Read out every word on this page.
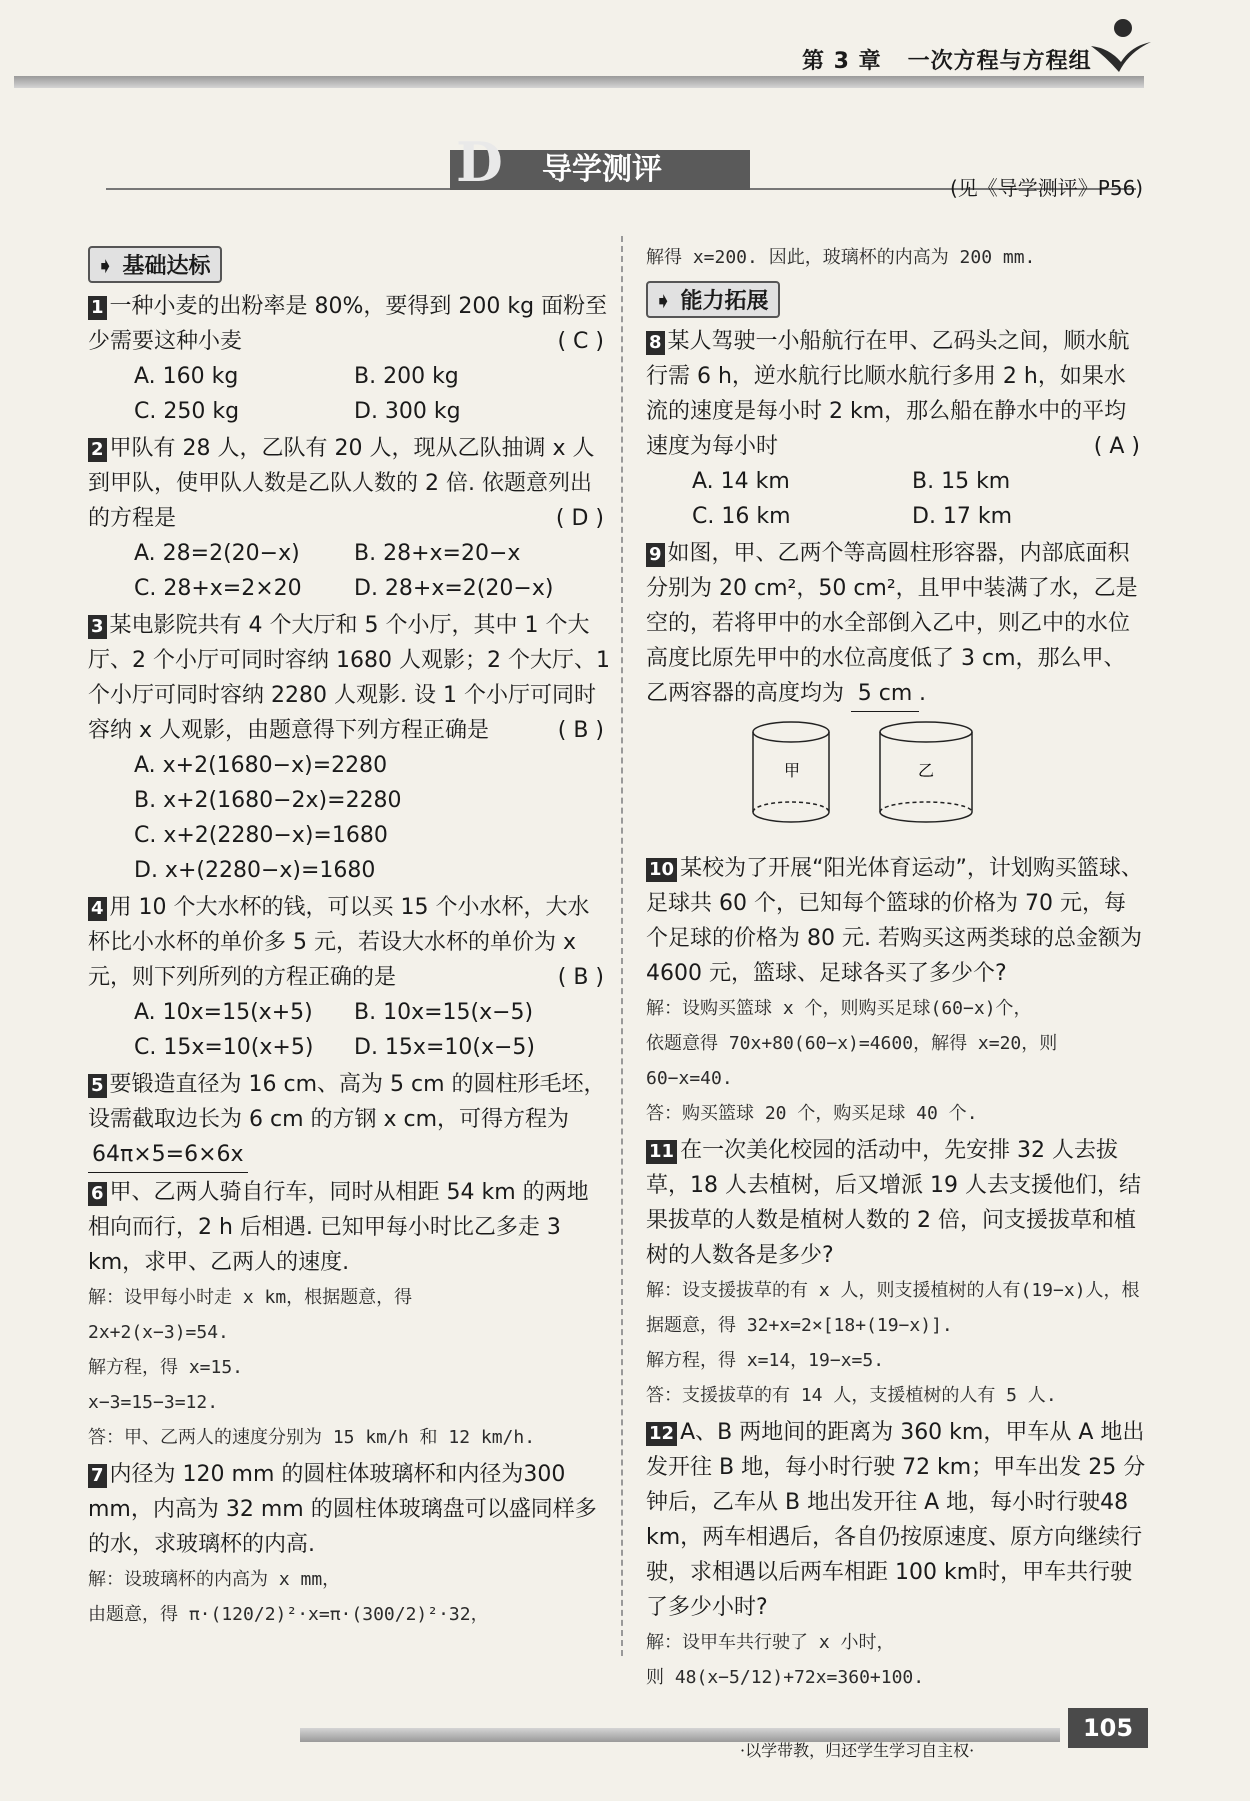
第 3 章 一次方程与方程组
D 导学测评
(见《导学测评》P56)
➧ 基础达标
1 一种小麦的出粉率是 80%，要得到 200 kg 面粉至少需要这种小麦	( C )
A. 160 kg	B. 200 kg
C. 250 kg	D. 300 kg
2 甲队有 28 人，乙队有 20 人，现从乙队抽调 x 人到甲队，使甲队人数是乙队人数的 2 倍. 依题意列出的方程是	( D )
A. 28=2(20−x)	B. 28+x=20−x
C. 28+x=2×20	D. 28+x=2(20−x)
3 某电影院共有 4 个大厅和 5 个小厅，其中 1 个大厅、2 个小厅可同时容纳 1680 人观影；2 个大厅、1 个小厅可同时容纳 2280 人观影. 设 1 个小厅可同时容纳 x 人观影，由题意得下列方程正确是	( B )
A. x+2(1680−x)=2280
B. x+2(1680−2x)=2280
C. x+2(2280−x)=1680
D. x+(2280−x)=1680
4 用 10 个大水杯的钱，可以买 15 个小水杯，大水杯比小水杯的单价多 5 元，若设大水杯的单价为 x 元，则下列所列的方程正确的是	( B )
A. 10x=15(x+5)	B. 10x=15(x−5)
C. 15x=10(x+5)	D. 15x=10(x−5)
5 要锻造直径为 16 cm、高为 5 cm 的圆柱形毛坯，设需截取边长为 6 cm 的方钢 x cm，可得方程为 64π×5=6×6x
6 甲、乙两人骑自行车，同时从相距 54 km 的两地相向而行，2 h 后相遇. 已知甲每小时比乙多走 3 km，求甲、乙两人的速度.
解：设甲每小时走 x km，根据题意，得
2x+2(x−3)=54.
解方程，得 x=15.
x−3=15−3=12.
答：甲、乙两人的速度分别为 15 km/h 和 12 km/h.
7 内径为 120 mm 的圆柱体玻璃杯和内径为300 mm，内高为 32 mm 的圆柱体玻璃盘可以盛同样多的水，求玻璃杯的内高.
解：设玻璃杯的内高为 x mm，
由题意，得 π·(120/2)²·x=π·(300/2)²·32，
解得 x=200. 因此，玻璃杯的内高为 200 mm.
➧ 能力拓展
8 某人驾驶一小船航行在甲、乙码头之间，顺水航行需 6 h，逆水航行比顺水航行多用 2 h，如果水流的速度是每小时 2 km，那么船在静水中的平均速度为每小时	( A )
A. 14 km	B. 15 km
C. 16 km	D. 17 km
9 如图，甲、乙两个等高圆柱形容器，内部底面积分别为 20 cm²，50 cm²，且甲中装满了水，乙是空的，若将甲中的水全部倒入乙中，则乙中的水位高度比原先甲中的水位高度低了 3 cm，那么甲、乙两容器的高度均为 5 cm .
甲	乙
10 某校为了开展“阳光体育运动”，计划购买篮球、足球共 60 个，已知每个篮球的价格为 70 元，每个足球的价格为 80 元. 若购买这两类球的总金额为 4600 元，篮球、足球各买了多少个?
解：设购买篮球 x 个，则购买足球(60−x)个，
依题意得 70x+80(60−x)=4600，解得 x=20，则 60−x=40.
答：购买篮球 20 个，购买足球 40 个.
11 在一次美化校园的活动中，先安排 32 人去拔草，18 人去植树，后又增派 19 人去支援他们，结果拔草的人数是植树人数的 2 倍，问支援拔草和植树的人数各是多少?
解：设支援拔草的有 x 人，则支援植树的人有(19−x)人，根据题意，得 32+x=2×[18+(19−x)].
解方程，得 x=14，19−x=5.
答：支援拔草的有 14 人，支援植树的人有 5 人.
12 A、B 两地间的距离为 360 km，甲车从 A 地出发开往 B 地，每小时行驶 72 km；甲车出发 25 分钟后，乙车从 B 地出发开往 A 地，每小时行驶48 km，两车相遇后，各自仍按原速度、原方向继续行驶，求相遇以后两车相距 100 km时，甲车共行驶了多少小时?
解：设甲车共行驶了 x 小时，
则 48(x−5/12)+72x=360+100.
·以学带教，归还学生学习自主权·
105
